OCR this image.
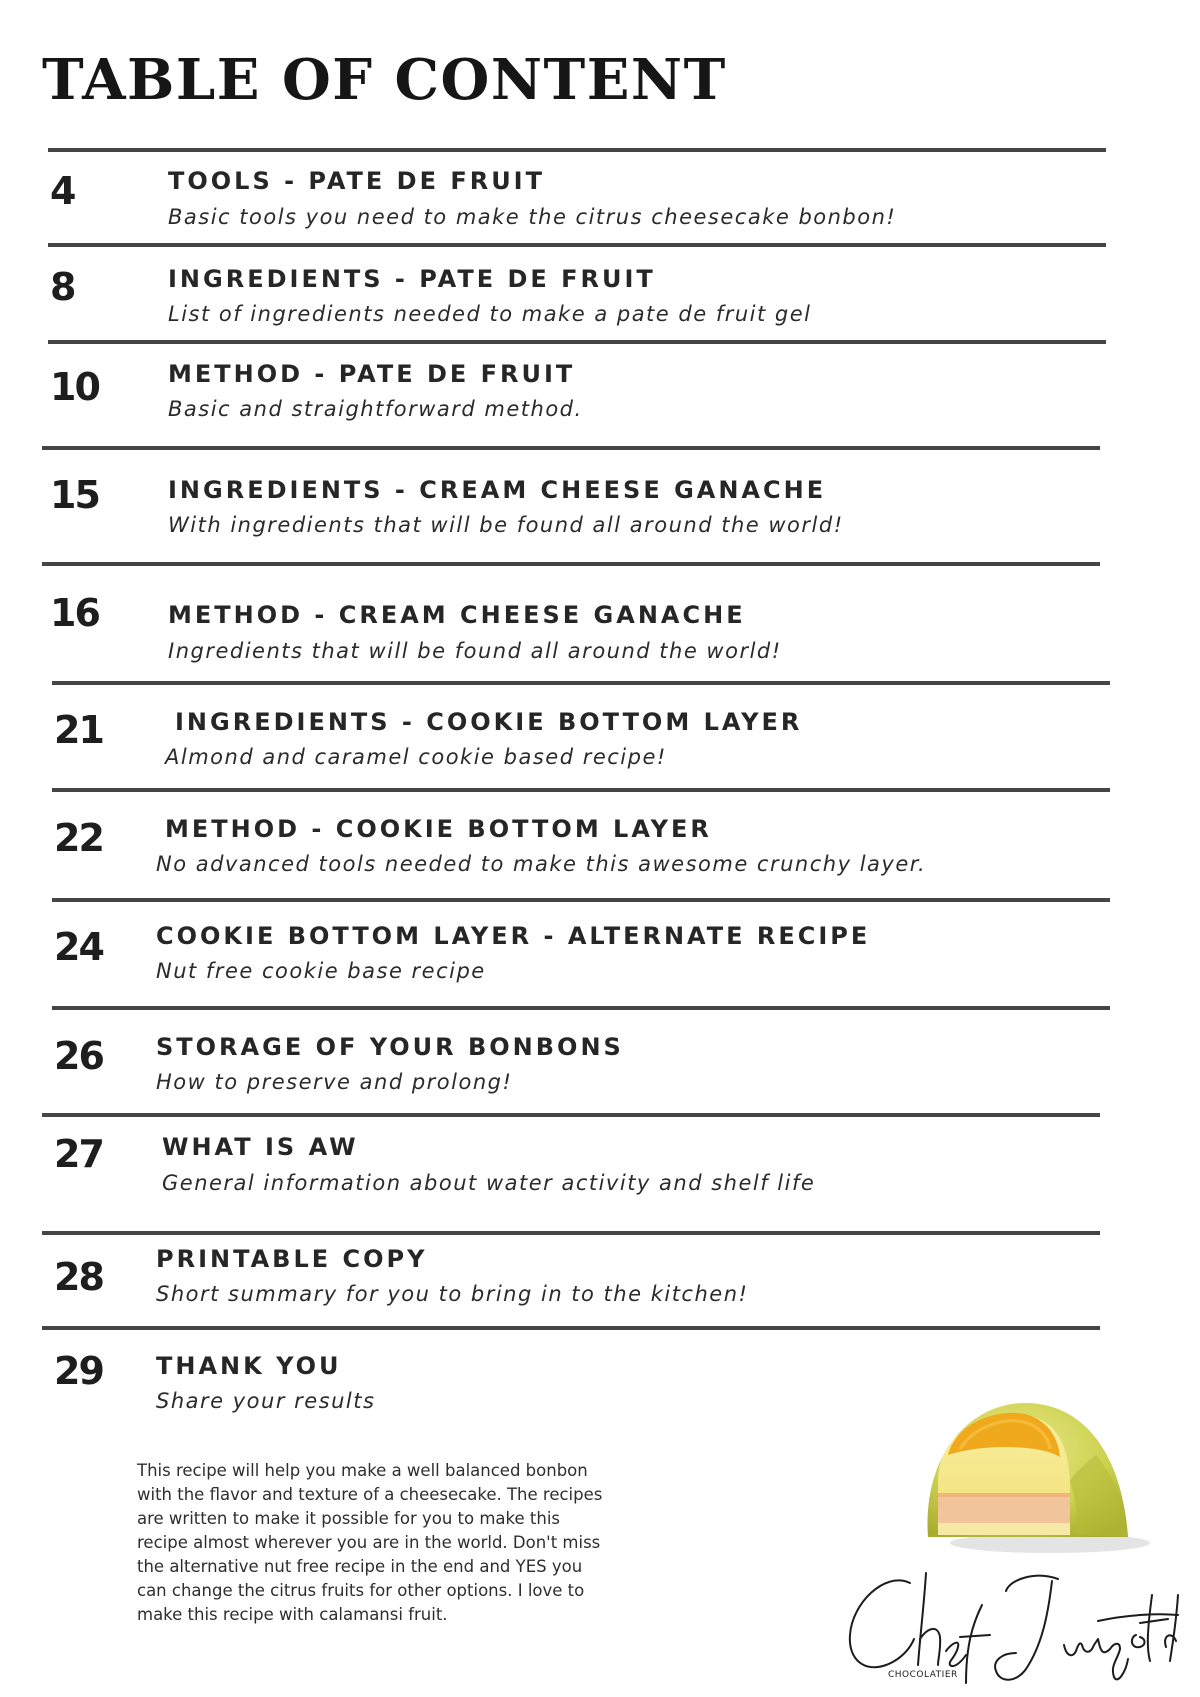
TABLE OF CONTENT
4	TOOLS - PATE DE FRUIT
Basic tools you need to make the citrus cheesecake bonbon!
8	INGREDIENTS - PATE DE FRUIT
List of ingredients needed to make a pate de fruit gel
10	METHOD - PATE DE FRUIT
Basic and straightforward method.
15	INGREDIENTS - CREAM CHEESE GANACHE
With ingredients that will be found all around the world!
16	METHOD - CREAM CHEESE GANACHE
Ingredients that will be found all around the world!
21	INGREDIENTS - COOKIE BOTTOM LAYER
Almond and caramel cookie based recipe!
22	METHOD - COOKIE BOTTOM LAYER
No advanced tools needed to make this awesome crunchy layer.
24 COOKIE BOTTOM LAYER - ALTERNATE RECIPE
Nut free cookie base recipe
26 STORAGE OF YOUR BONBONS
How to preserve and prolong!
27 WHAT IS AW
General information about water activity and shelf life
28 PRINTABLE COPY
Short summary for you to bring in to the kitchen!
29 THANK YOU
Share your results
This recipe will help you make a well balanced bonbon
with the flavor and texture of a cheesecake. The recipes
are written to make it possible for you to make this
recipe almost wherever you are in the world. Don't miss
the alternative nut free recipe in the end and YES you
can change the citrus fruits for other options. I love to
make this recipe with calamansi fruit.
CHOCOLATIER
